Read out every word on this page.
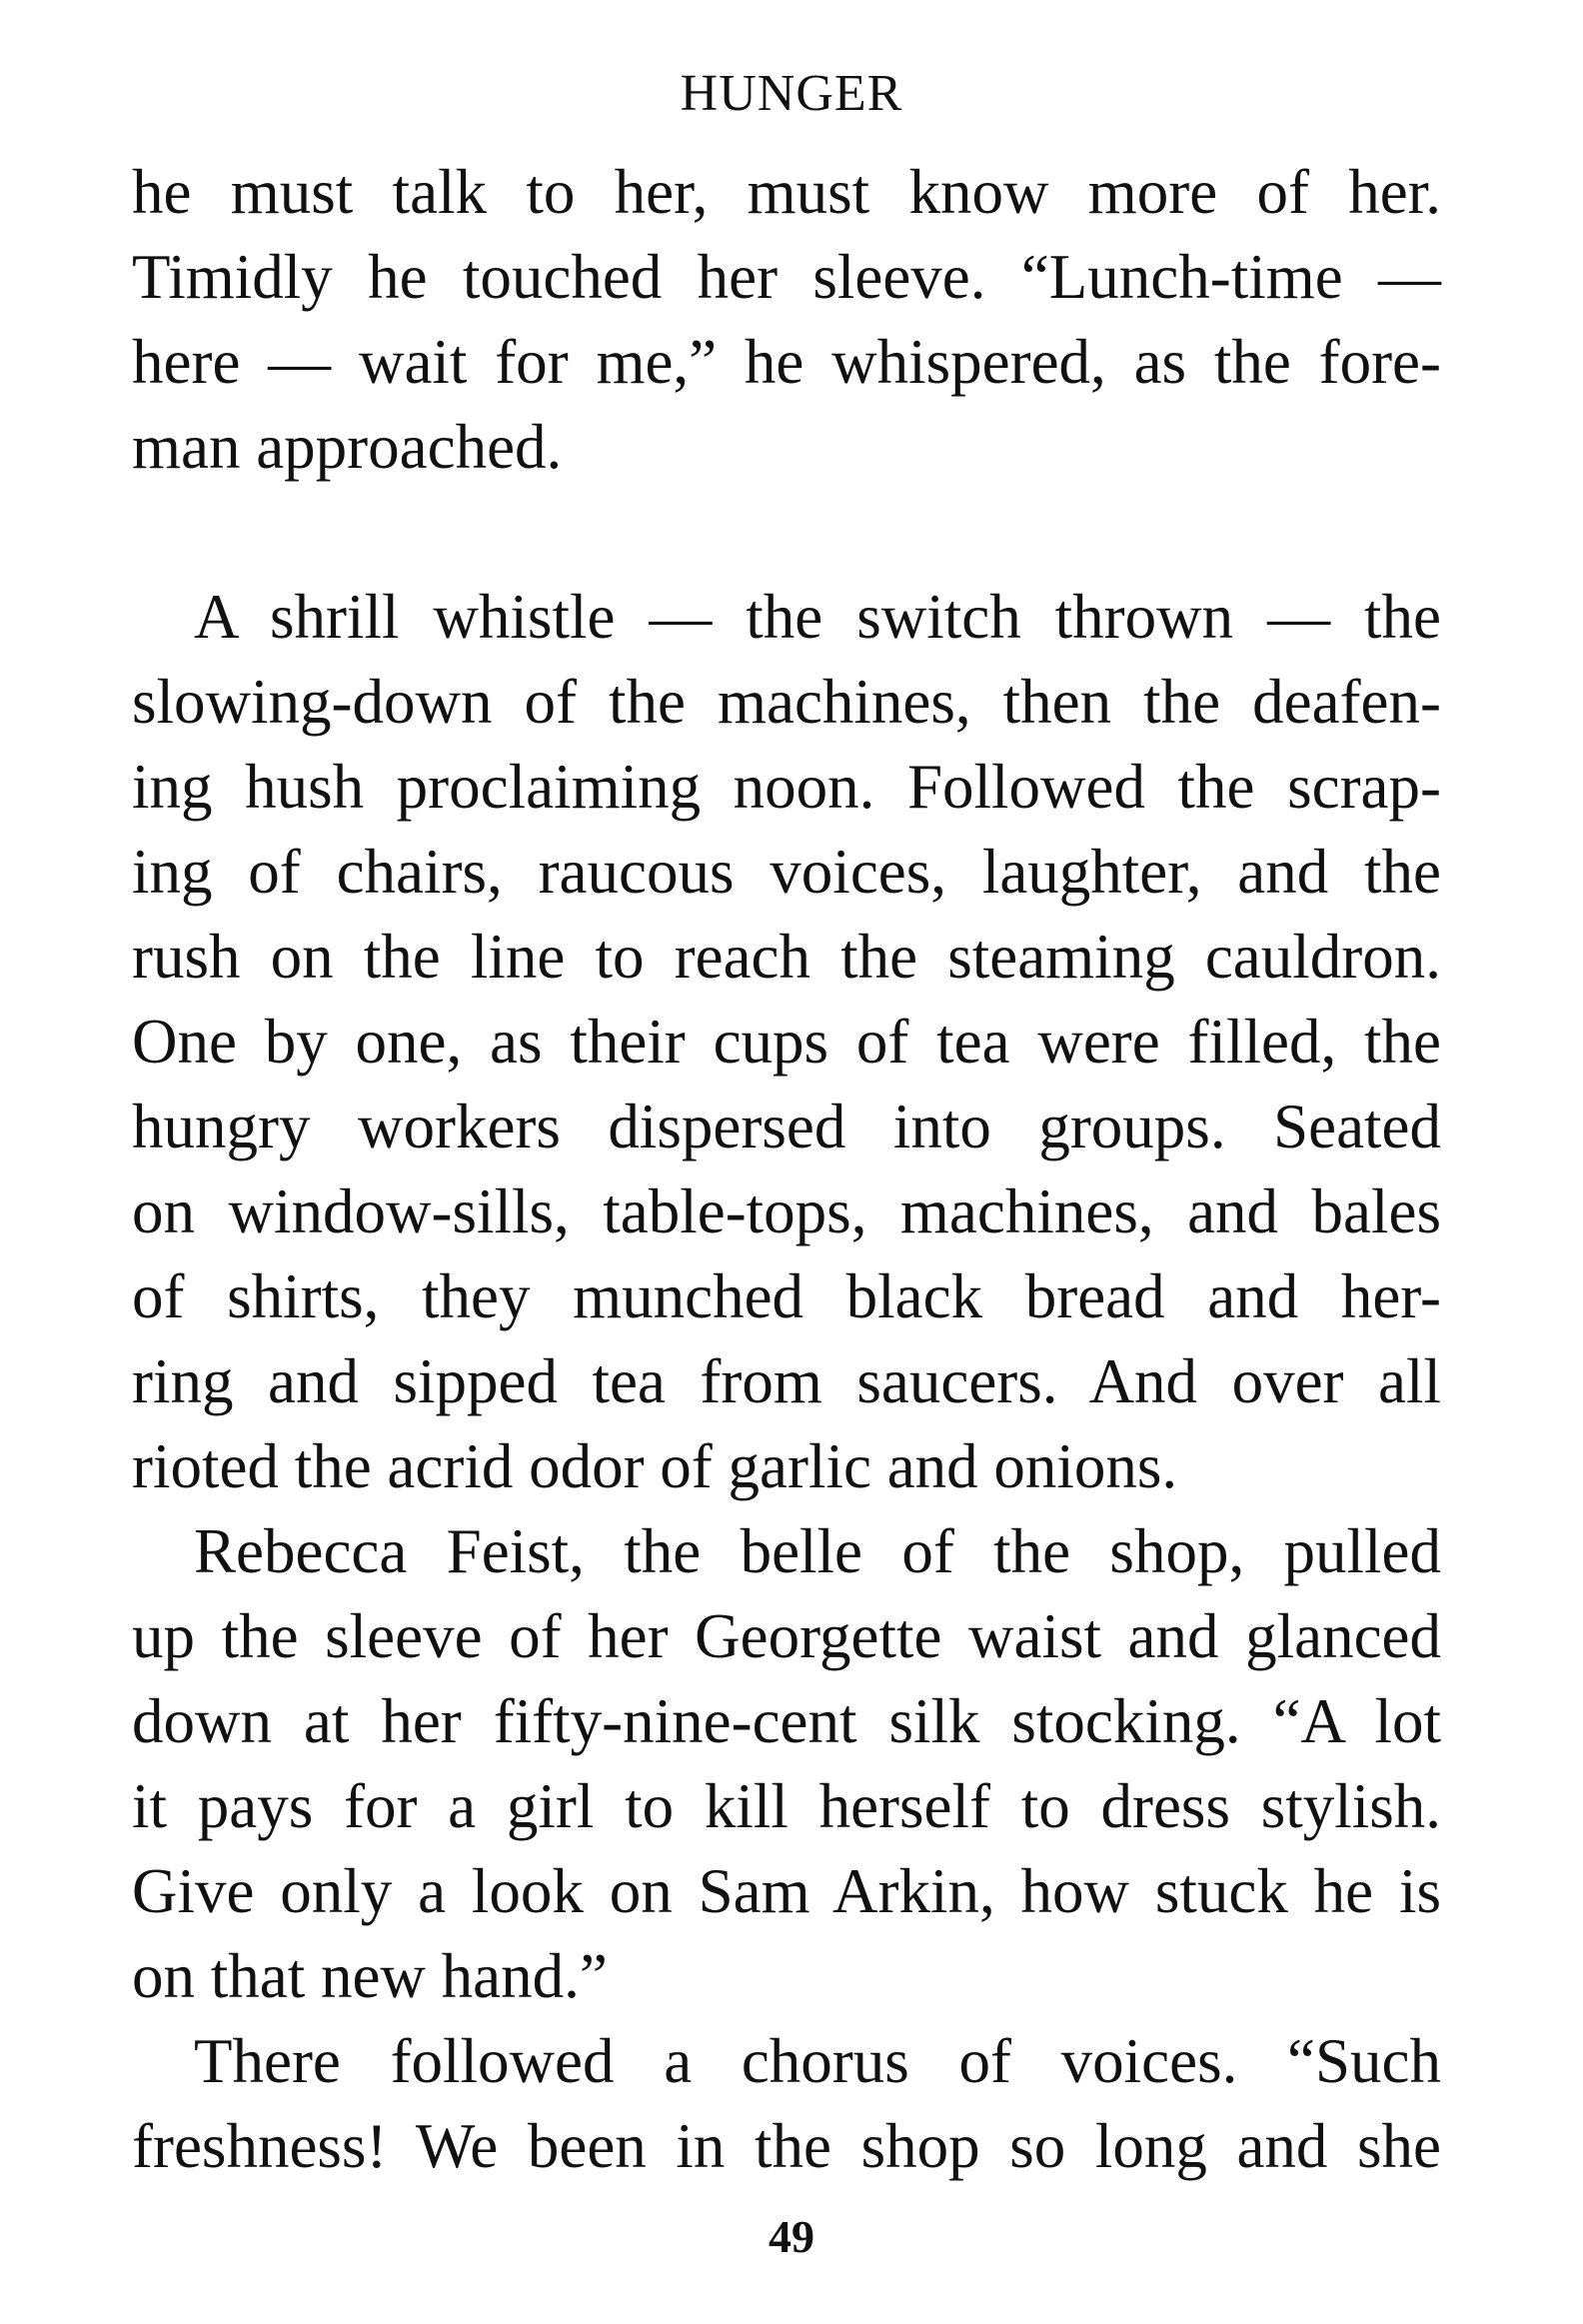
HUNGER
he must talk to her, must know more of her.
Timidly he touched her sleeve. “Lunch-time —
here — wait for me,” he whispered, as the fore-
man approached.
A shrill whistle — the switch thrown — the
slowing-down of the machines, then the deafen-
ing hush proclaiming noon. Followed the scrap-
ing of chairs, raucous voices, laughter, and the
rush on the line to reach the steaming cauldron.
One by one, as their cups of tea were filled, the
hungry workers dispersed into groups. Seated
on window-sills, table-tops, machines, and bales
of shirts, they munched black bread and her-
ring and sipped tea from saucers. And over all
rioted the acrid odor of garlic and onions.
Rebecca Feist, the belle of the shop, pulled
up the sleeve of her Georgette waist and glanced
down at her fifty-nine-cent silk stocking. “A lot
it pays for a girl to kill herself to dress stylish.
Give only a look on Sam Arkin, how stuck he is
on that new hand.”
There followed a chorus of voices. “Such
freshness! We been in the shop so long and she
49
